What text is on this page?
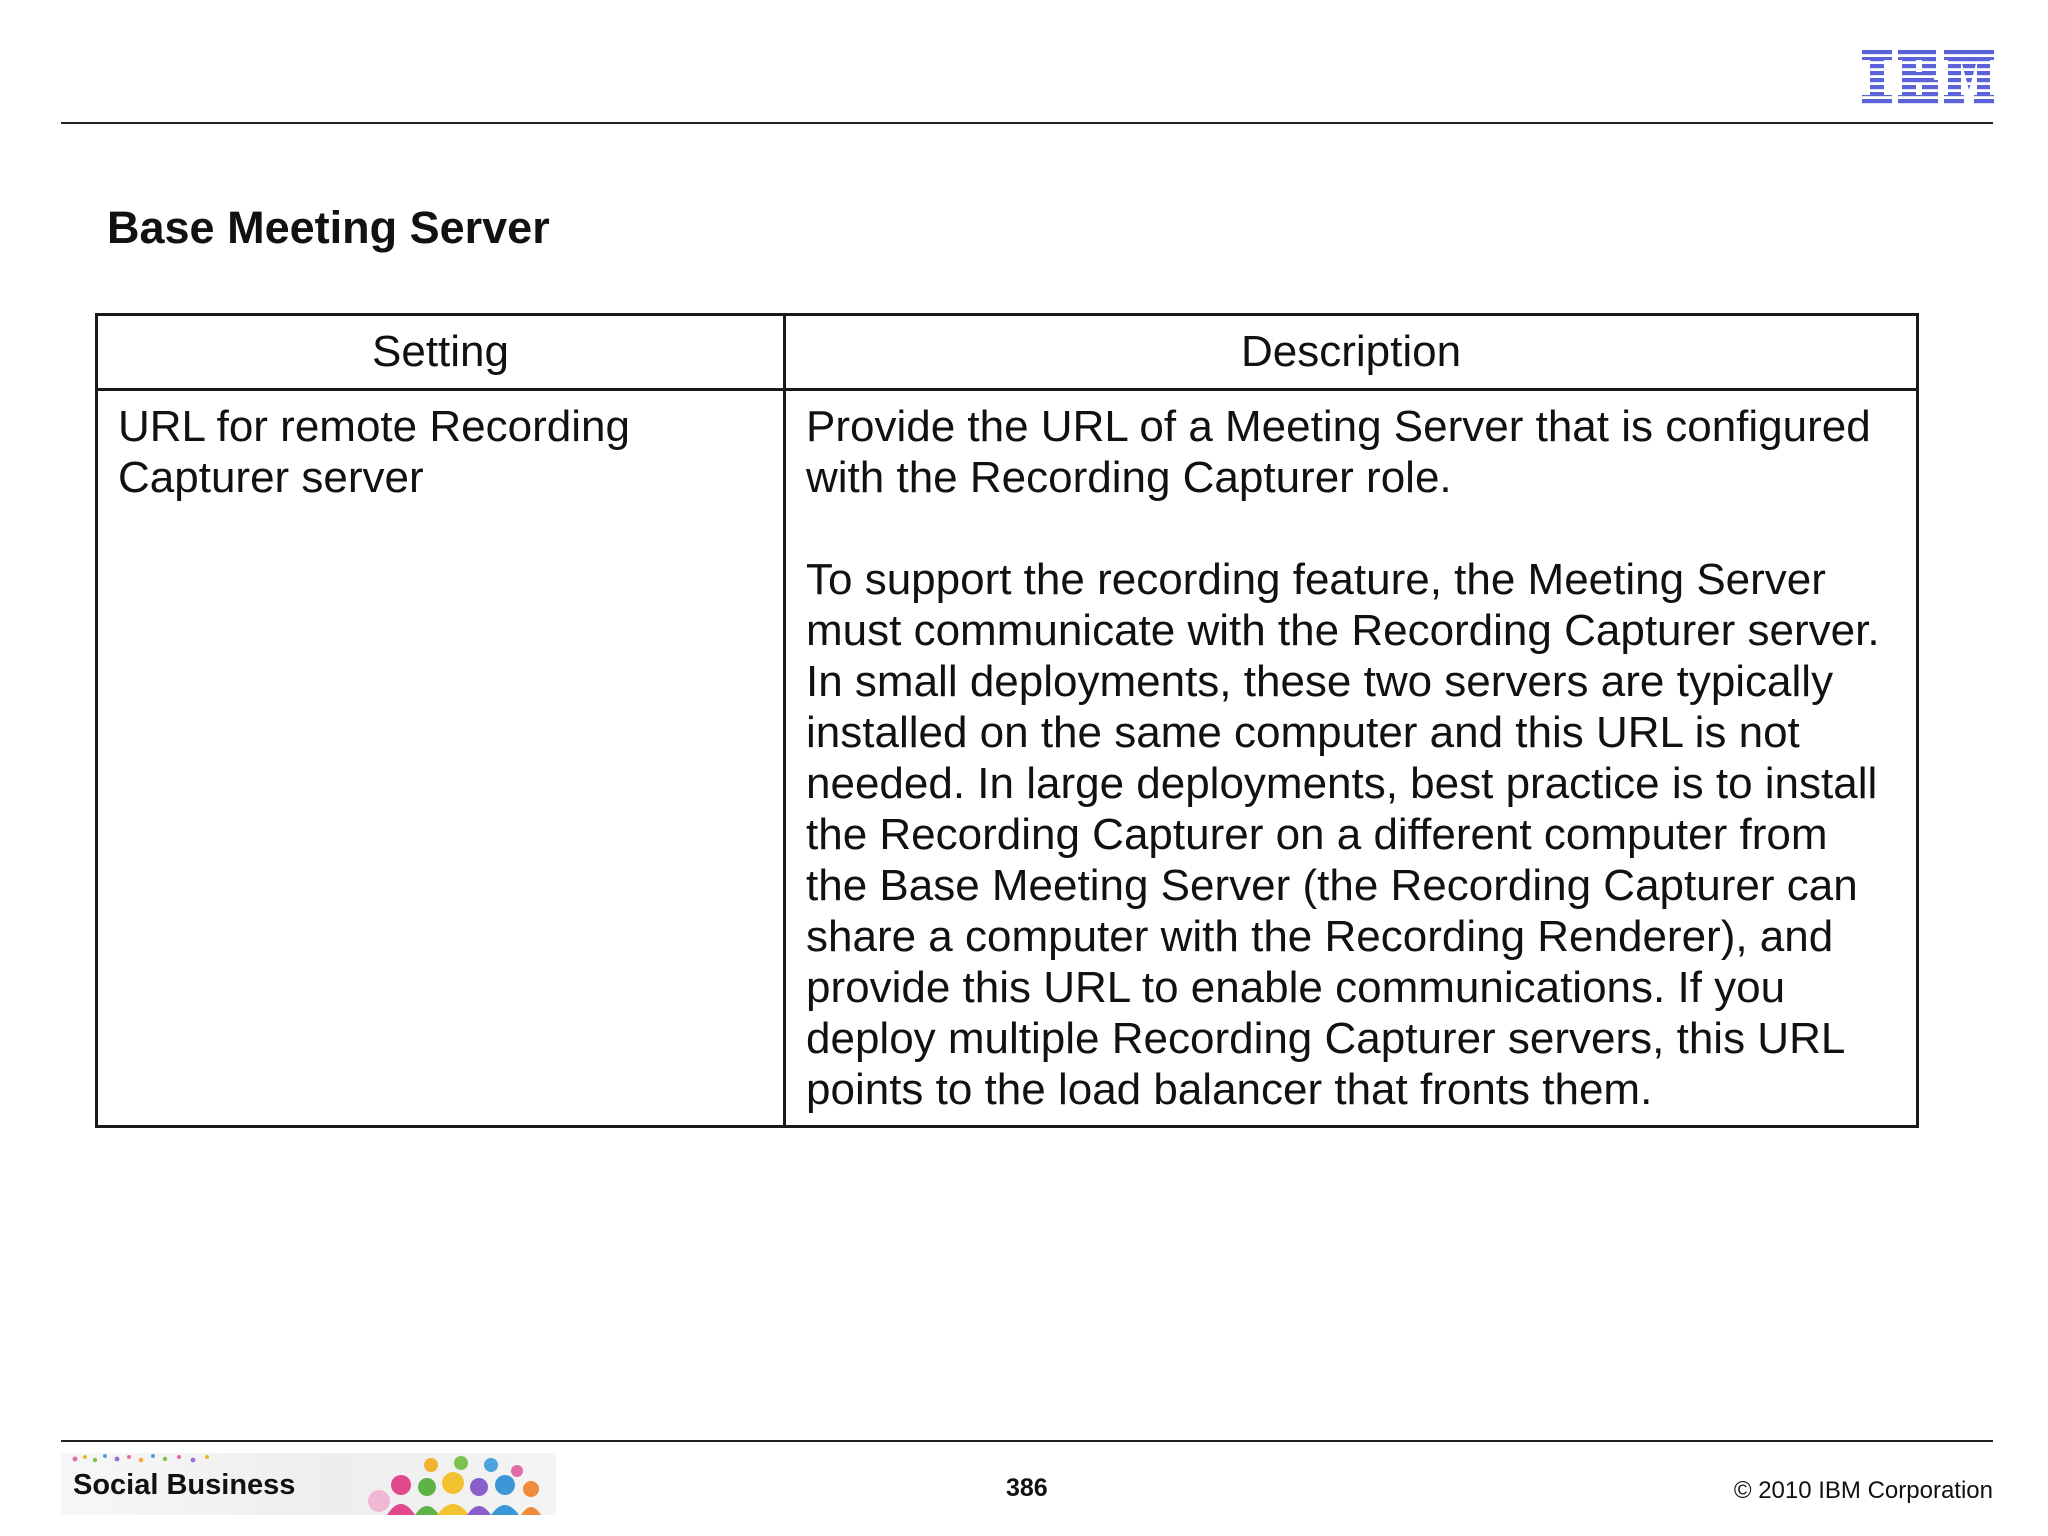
Base Meeting Server
Setting	Description
URL for remote Recording Capturer server	Provide the URL of a Meeting Server that is configured with the Recording Capturer role.

To support the recording feature, the Meeting Server must communicate with the Recording Capturer server. In small deployments, these two servers are typically installed on the same computer and this URL is not needed. In large deployments, best practice is to install the Recording Capturer on a different computer from the Base Meeting Server (the Recording Capturer can share a computer with the Recording Renderer), and provide this URL to enable communications. If you deploy multiple Recording Capturer servers, this URL points to the load balancer that fronts them.

Social Business	386	© 2010 IBM Corporation
